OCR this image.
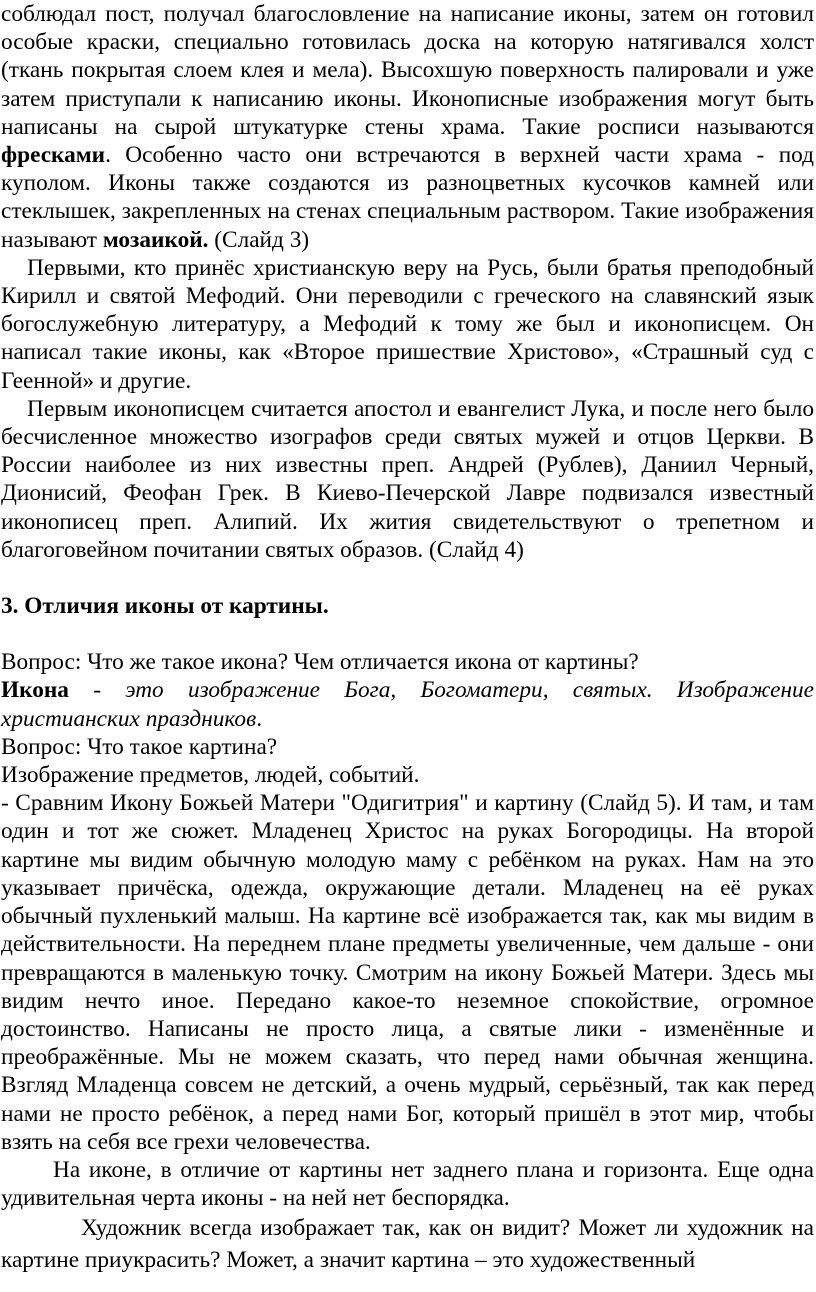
соблюдал пост, получал благословление на написание иконы, затем он готовил особые краски, специально готовилась доска на которую натягивался холст (ткань покрытая слоем клея и мела). Высохшую поверхность палировали и уже затем приступали к написанию иконы. Иконописные изображения могут быть написаны на сырой штукатурке стены храма. Такие росписи называются фресками. Особенно часто они встречаются в верхней части храма - под куполом. Иконы также создаются из разноцветных кусочков камней или стеклышек, закрепленных на стенах специальным раствором. Такие изображения называют мозаикой. (Слайд 3)

Первыми, кто принёс христианскую веру на Русь, были братья преподобный Кирилл и святой Мефодий. Они переводили с греческого на славянский язык богослужебную литературу, а Мефодий к тому же был и иконописцем. Он написал такие иконы, как «Второе пришествие Христово», «Страшный суд с Геенной» и другие.

Первым иконописцем считается апостол и евангелист Лука, и после него было бесчисленное множество изографов среди святых мужей и отцов Церкви. В России наиболее из них известны преп. Андрей (Рублев), Даниил Черный, Дионисий, Феофан Грек. В Киево-Печерской Лавре подвизался известный иконописец преп. Алипий. Их жития свидетельствуют о трепетном и благоговейном почитании святых образов. (Слайд 4)

3. Отличия иконы от картины.

Вопрос: Что же такое икона? Чем отличается икона от картины?

Икона - это изображение Бога, Богоматери, святых. Изображение христианских праздников.

Вопрос: Что такое картина?

Изображение предметов, людей, событий.

- Сравним Икону Божьей Матери "Одигитрия" и картину (Слайд 5). И там, и там один и тот же сюжет. Младенец Христос на руках Богородицы. На второй картине мы видим обычную молодую маму с ребёнком на руках. Нам на это указывает причёска, одежда, окружающие детали. Младенец на её руках обычный пухленький малыш. На картине всё изображается так, как мы видим в действительности. На переднем плане предметы увеличенные, чем дальше - они превращаются в маленькую точку. Смотрим на икону Божьей Матери. Здесь мы видим нечто иное. Передано какое-то неземное спокойствие, огромное достоинство. Написаны не просто лица, а святые лики - изменённые и преображённые. Мы не можем сказать, что перед нами обычная женщина. Взгляд Младенца совсем не детский, а очень мудрый, серьёзный, так как перед нами не просто ребёнок, а перед нами Бог, который пришёл в этот мир, чтобы взять на себя все грехи человечества.

На иконе, в отличие от картины нет заднего плана и горизонта. Еще одна удивительная черта иконы - на ней нет беспорядка.

Художник всегда изображает так, как он видит? Может ли художник на картине приукрасить? Может, а значит картина – это художественный
